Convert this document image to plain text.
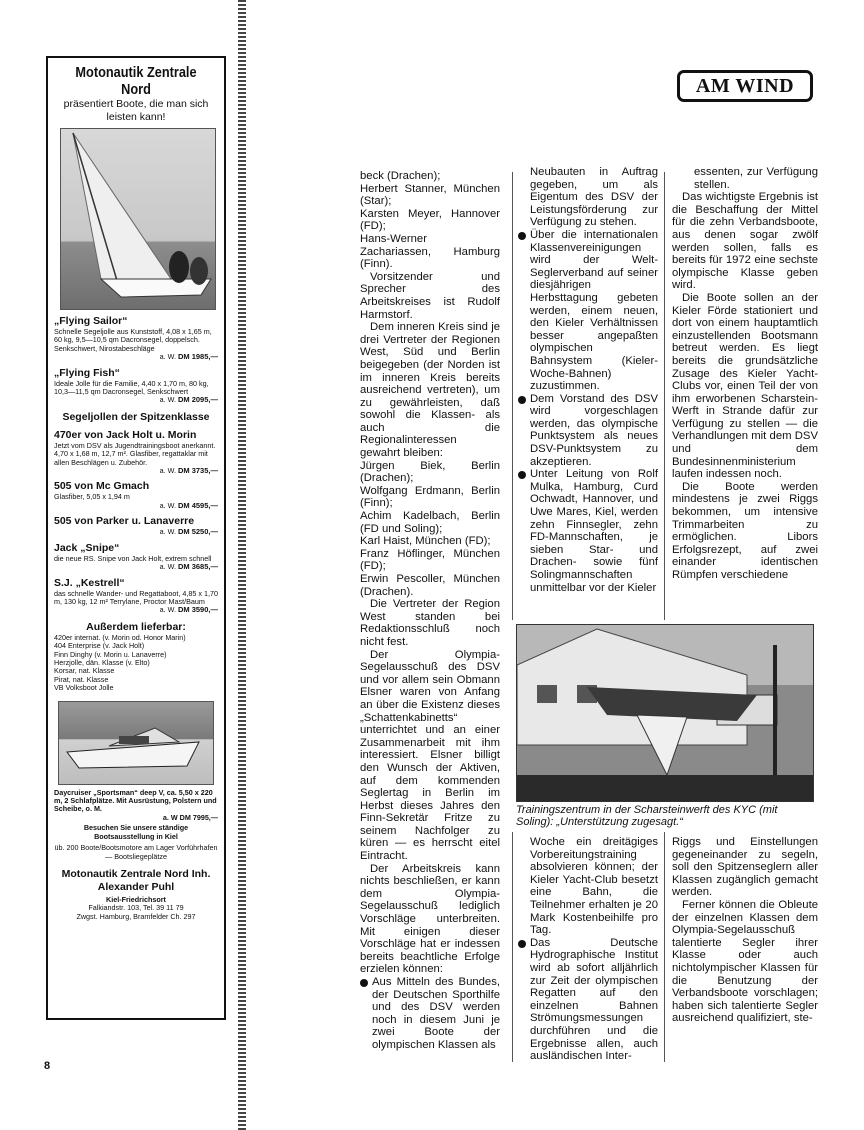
Motonautik Zentrale Nord
präsentiert Boote, die man sich leisten kann!
„Flying Sailor“
Schnelle Segeljolle aus Kunststoff, 4,08 x 1,65 m, 60 kg, 9,5—10,5 qm Dacronsegel, doppelsch. Senkschwert, Nirostabeschläge
a. W. DM 1985,—
„Flying Fish“
Ideale Jolle für die Familie, 4,40 x 1,70 m, 80 kg, 10,3—11,5 qm Dacronsegel, Senkschwert
a. W. DM 2095,—
Segeljollen der Spitzenklasse
470er von Jack Holt u. Morin
Jetzt vom DSV als Jugendtrainingsboot anerkannt. 4,70 x 1,68 m, 12,7 m². Glasfiber, regattaklar mit allen Beschlägen u. Zubehör.
a. W. DM 3735,—
505 von Mc Gmach
Glasfiber, 5,05 x 1,94 m
a. W. DM 4595,—
505 von Parker u. Lanaverre
a. W. DM 5250,—
Jack „Snipe“
die neue RS. Snipe von Jack Holt, extrem schnell
a. W. DM 3685,—
S.J. „Kestrell“
das schnelle Wander- und Regattaboot, 4,85 x 1,70 m, 130 kg, 12 m² Terrylane, Proctor Mast/Baum
a. W. DM 3590,—
Außerdem lieferbar:
420er internat. (v. Morin od. Honor Marin)
404 Enterprise (v. Jack Holt)
Finn Dinghy (v. Morin u. Lanaverre)
Herzjolle, dän. Klasse (v. Elto)
Korsar, nat. Klasse
Pirat, nat. Klasse
VB Volksboot Jolle
Daycruiser „Sportsman“ deep V, ca. 5,50 x 220 m, 2 Schlafplätze. Mit Ausrüstung, Polstern und Scheibe, o. M.
a. W DM 7995,—
Besuchen Sie unsere ständige Bootsausstellung in Kiel
üb. 200 Boote/Bootsmotore am Lager Vorführhafen — Bootsliegeplätze
Motonautik Zentrale Nord Inh. Alexander Puhl
Kiel-Friedrichsort
Falkiandstr. 103, Tel. 39 11 79
Zwgst. Hamburg, Bramfelder Ch. 297
8
AM WIND

beck (Drachen);

Herbert Stanner, München (Star);

Karsten Meyer, Hannover (FD);

Hans-Werner Zachariassen, Hamburg (Finn).

Vorsitzender und Sprecher des Arbeitskreises ist Rudolf Harmstorf.

Dem inneren Kreis sind je drei Vertreter der Regionen West, Süd und Berlin beigegeben (der Norden ist im inneren Kreis bereits ausreichend vertreten), um zu gewährleisten, daß sowohl die Klassen- als auch die Regionalinteressen gewahrt bleiben:

Jürgen Biek, Berlin (Drachen);

Wolfgang Erdmann, Berlin (Finn);

Achim Kadelbach, Berlin (FD und Soling);

Karl Haist, München (FD);

Franz Höflinger, München (FD);

Erwin Pescoller, München (Drachen).

Die Vertreter der Region West standen bei Redaktionsschluß noch nicht fest.

Der Olympia-Segelausschuß des DSV und vor allem sein Obmann Elsner waren von Anfang an über die Existenz dieses „Schattenkabinetts“ unterrichtet und an einer Zusammenarbeit mit ihm interessiert. Elsner billigt den Wunsch der Aktiven, auf dem kommenden Seglertag in Berlin im Herbst dieses Jahres den Finn-Sekretär Fritze zu seinem Nachfolger zu küren — es herrscht eitel Eintracht.

Der Arbeitskreis kann nichts beschließen, er kann dem Olympia-Segelausschuß lediglich Vorschläge unterbreiten. Mit einigen dieser Vorschläge hat er indessen bereits beachtliche Erfolge erzielen können:

Aus Mitteln des Bundes, der Deutschen Sporthilfe und des DSV werden noch in diesem Juni je zwei Boote der olympischen Klassen als

Neubauten in Auftrag gegeben, um als Eigentum des DSV der Leistungsförderung zur Verfügung zu stehen.

Über die internationalen Klassenvereinigungen wird der Welt-Seglerverband auf seiner diesjährigen Herbsttagung gebeten werden, einem neuen, den Kieler Verhältnissen besser angepaßten olympischen Bahnsystem (Kieler-Woche-Bahnen) zuzustimmen.

Dem Vorstand des DSV wird vorgeschlagen werden, das olympische Punktsystem als neues DSV-Punktsystem zu akzeptieren.

Unter Leitung von Rolf Mulka, Hamburg, Curd Ochwadt, Hannover, und Uwe Mares, Kiel, werden zehn Finnsegler, zehn FD-Mannschaften, je sieben Star- und Drachen- sowie fünf Solingmannschaften unmittelbar vor der Kieler

essenten, zur Verfügung stellen.

Das wichtigste Ergebnis ist die Beschaffung der Mittel für die zehn Verbandsboote, aus denen sogar zwölf werden sollen, falls es bereits für 1972 eine sechste olympische Klasse geben wird.

Die Boote sollen an der Kieler Förde stationiert und dort von einem hauptamtlich einzustellenden Bootsmann betreut werden. Es liegt bereits die grundsätzliche Zusage des Kieler Yacht-Clubs vor, einen Teil der von ihm erworbenen Scharstein-Werft in Strande dafür zur Verfügung zu stellen — die Verhandlungen mit dem DSV und dem Bundesinnenministerium laufen indessen noch.

Die Boote werden mindestens je zwei Riggs bekommen, um intensive Trimmarbeiten zu ermöglichen. Libors Erfolgsrezept, auf zwei einander identischen Rümpfen verschiedene

Trainingszentrum in der Scharsteinwerft des KYC (mit Soling): „Unterstützung zugesagt.“

Woche ein dreitägiges Vorbereitungstraining absolvieren können; der Kieler Yacht-Club besetzt eine Bahn, die Teilnehmer erhalten je 20 Mark Kostenbeihilfe pro Tag.

Das Deutsche Hydrographische Institut wird ab sofort alljährlich zur Zeit der olympischen Regatten auf den einzelnen Bahnen Strömungsmessungen durchführen und die Ergebnisse allen, auch ausländischen Inter-

Riggs und Einstellungen gegeneinander zu segeln, soll den Spitzenseglern aller Klassen zugänglich gemacht werden.

Ferner können die Obleute der einzelnen Klassen dem Olympia-Segelausschuß talentierte Segler ihrer Klasse oder auch nichtolympischer Klassen für die Benutzung der Verbandsboote vorschlagen; haben sich talentierte Segler ausreichend qualifiziert, ste-
